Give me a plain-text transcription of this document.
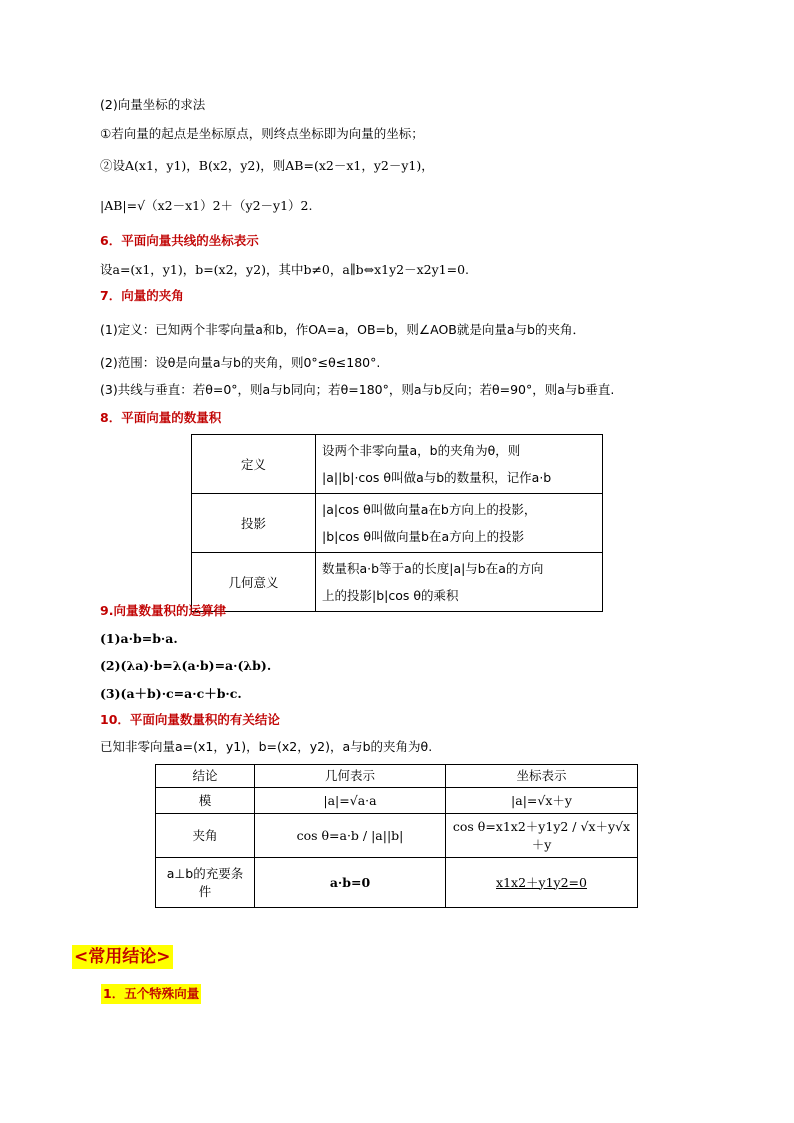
(2)向量坐标的求法
①若向量的起点是坐标原点，则终点坐标即为向量的坐标；
②设A(x1，y1)，B(x2，y2)，则AB=(x2－x1，y2－y1)，
|AB|=√（x2－x1）2＋（y2－y1）2.
6．平面向量共线的坐标表示
设a=(x1，y1)，b=(x2，y2)，其中b≠0，a∥b⇔x1y2－x2y1=0.
7．向量的夹角
(1)定义：已知两个非零向量a和b，作OA=a，OB=b，则∠AOB就是向量a与b的夹角．
(2)范围：设θ是向量a与b的夹角，则0°≤θ≤180°.
(3)共线与垂直：若θ=0°，则a与b同向；若θ=180°，则a与b反向；若θ=90°，则a与b垂直.
8．平面向量的数量积
定义	设两个非零向量a，b的夹角为θ，则
|a||b|·cos θ叫做a与b的数量积，记作a·b

投影	|a|cos θ叫做向量a在b方向上的投影，
|b|cos θ叫做向量b在a方向上的投影

几何意义	数量积a·b等于a的长度|a|与b在a的方向
上的投影|b|cos θ的乘积
9.向量数量积的运算律
(1)a·b=b·a.
(2)(λa)·b=λ(a·b)=a·(λb).
(3)(a＋b)·c=a·c＋b·c.
10．平面向量数量积的有关结论
已知非零向量a=(x1，y1)，b=(x2，y2)，a与b的夹角为θ.
结论	几何表示	坐标表示
模	|a|=√a·a	|a|=√x＋y
夹角	cos θ=a·b / |a||b|	cos θ=x1x2＋y1y2 / √x＋y√x＋y
a⊥b的充要条件	a·b=0	x1x2＋y1y2=0
<常用结论>
1．五个特殊向量
